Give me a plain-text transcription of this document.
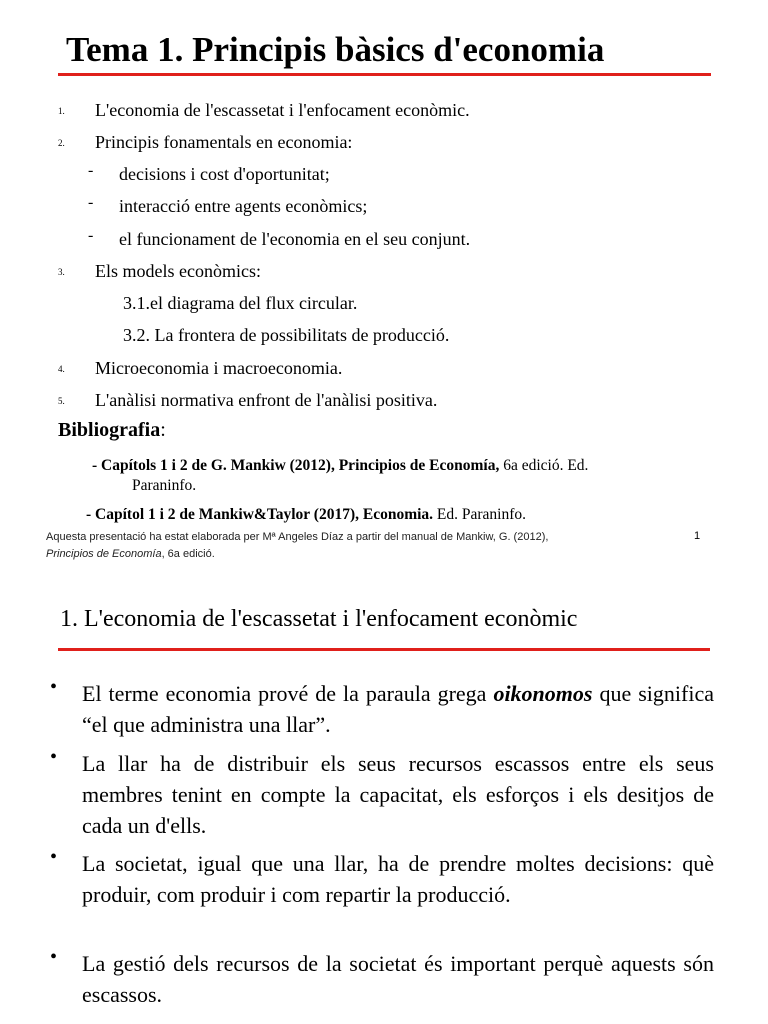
Tema 1. Principis bàsics d'economia
1. L'economia de l'escassetat i l'enfocament econòmic.
2. Principis fonamentals en economia:
- decisions i cost d'oportunitat;
- interacció entre agents econòmics;
- el funcionament de l'economia en el seu conjunt.
3. Els models econòmics:
3.1.el diagrama del flux circular.
3.2. La frontera de possibilitats de producció.
4. Microeconomia i macroeconomia.
5. L'anàlisi normativa enfront de l'anàlisi positiva.
Bibliografia:
- Capítols 1 i 2 de G. Mankiw (2012), Principios de Economía, 6a edició. Ed.
Paraninfo.
- Capítol 1 i 2 de Mankiw&Taylor (2017), Economia. Ed. Paraninfo.
Aquesta presentació ha estat elaborada per Mª Angeles Díaz a partir del manual de Mankiw, G. (2012),
Principios de Economía, 6a edició.
1
1. L'economia de l'escassetat i l'enfocament econòmic
• El terme economia prové de la paraula grega oikonomos que significa “el que administra una llar”.
• La llar ha de distribuir els seus recursos escassos entre els seus membres tenint en compte la capacitat, els esforços i els desitjos de cada un d'ells.
• La societat, igual que una llar, ha de prendre moltes decisions: què produir, com produir i com repartir la producció.
• La gestió dels recursos de la societat és important perquè aquests són escassos.
